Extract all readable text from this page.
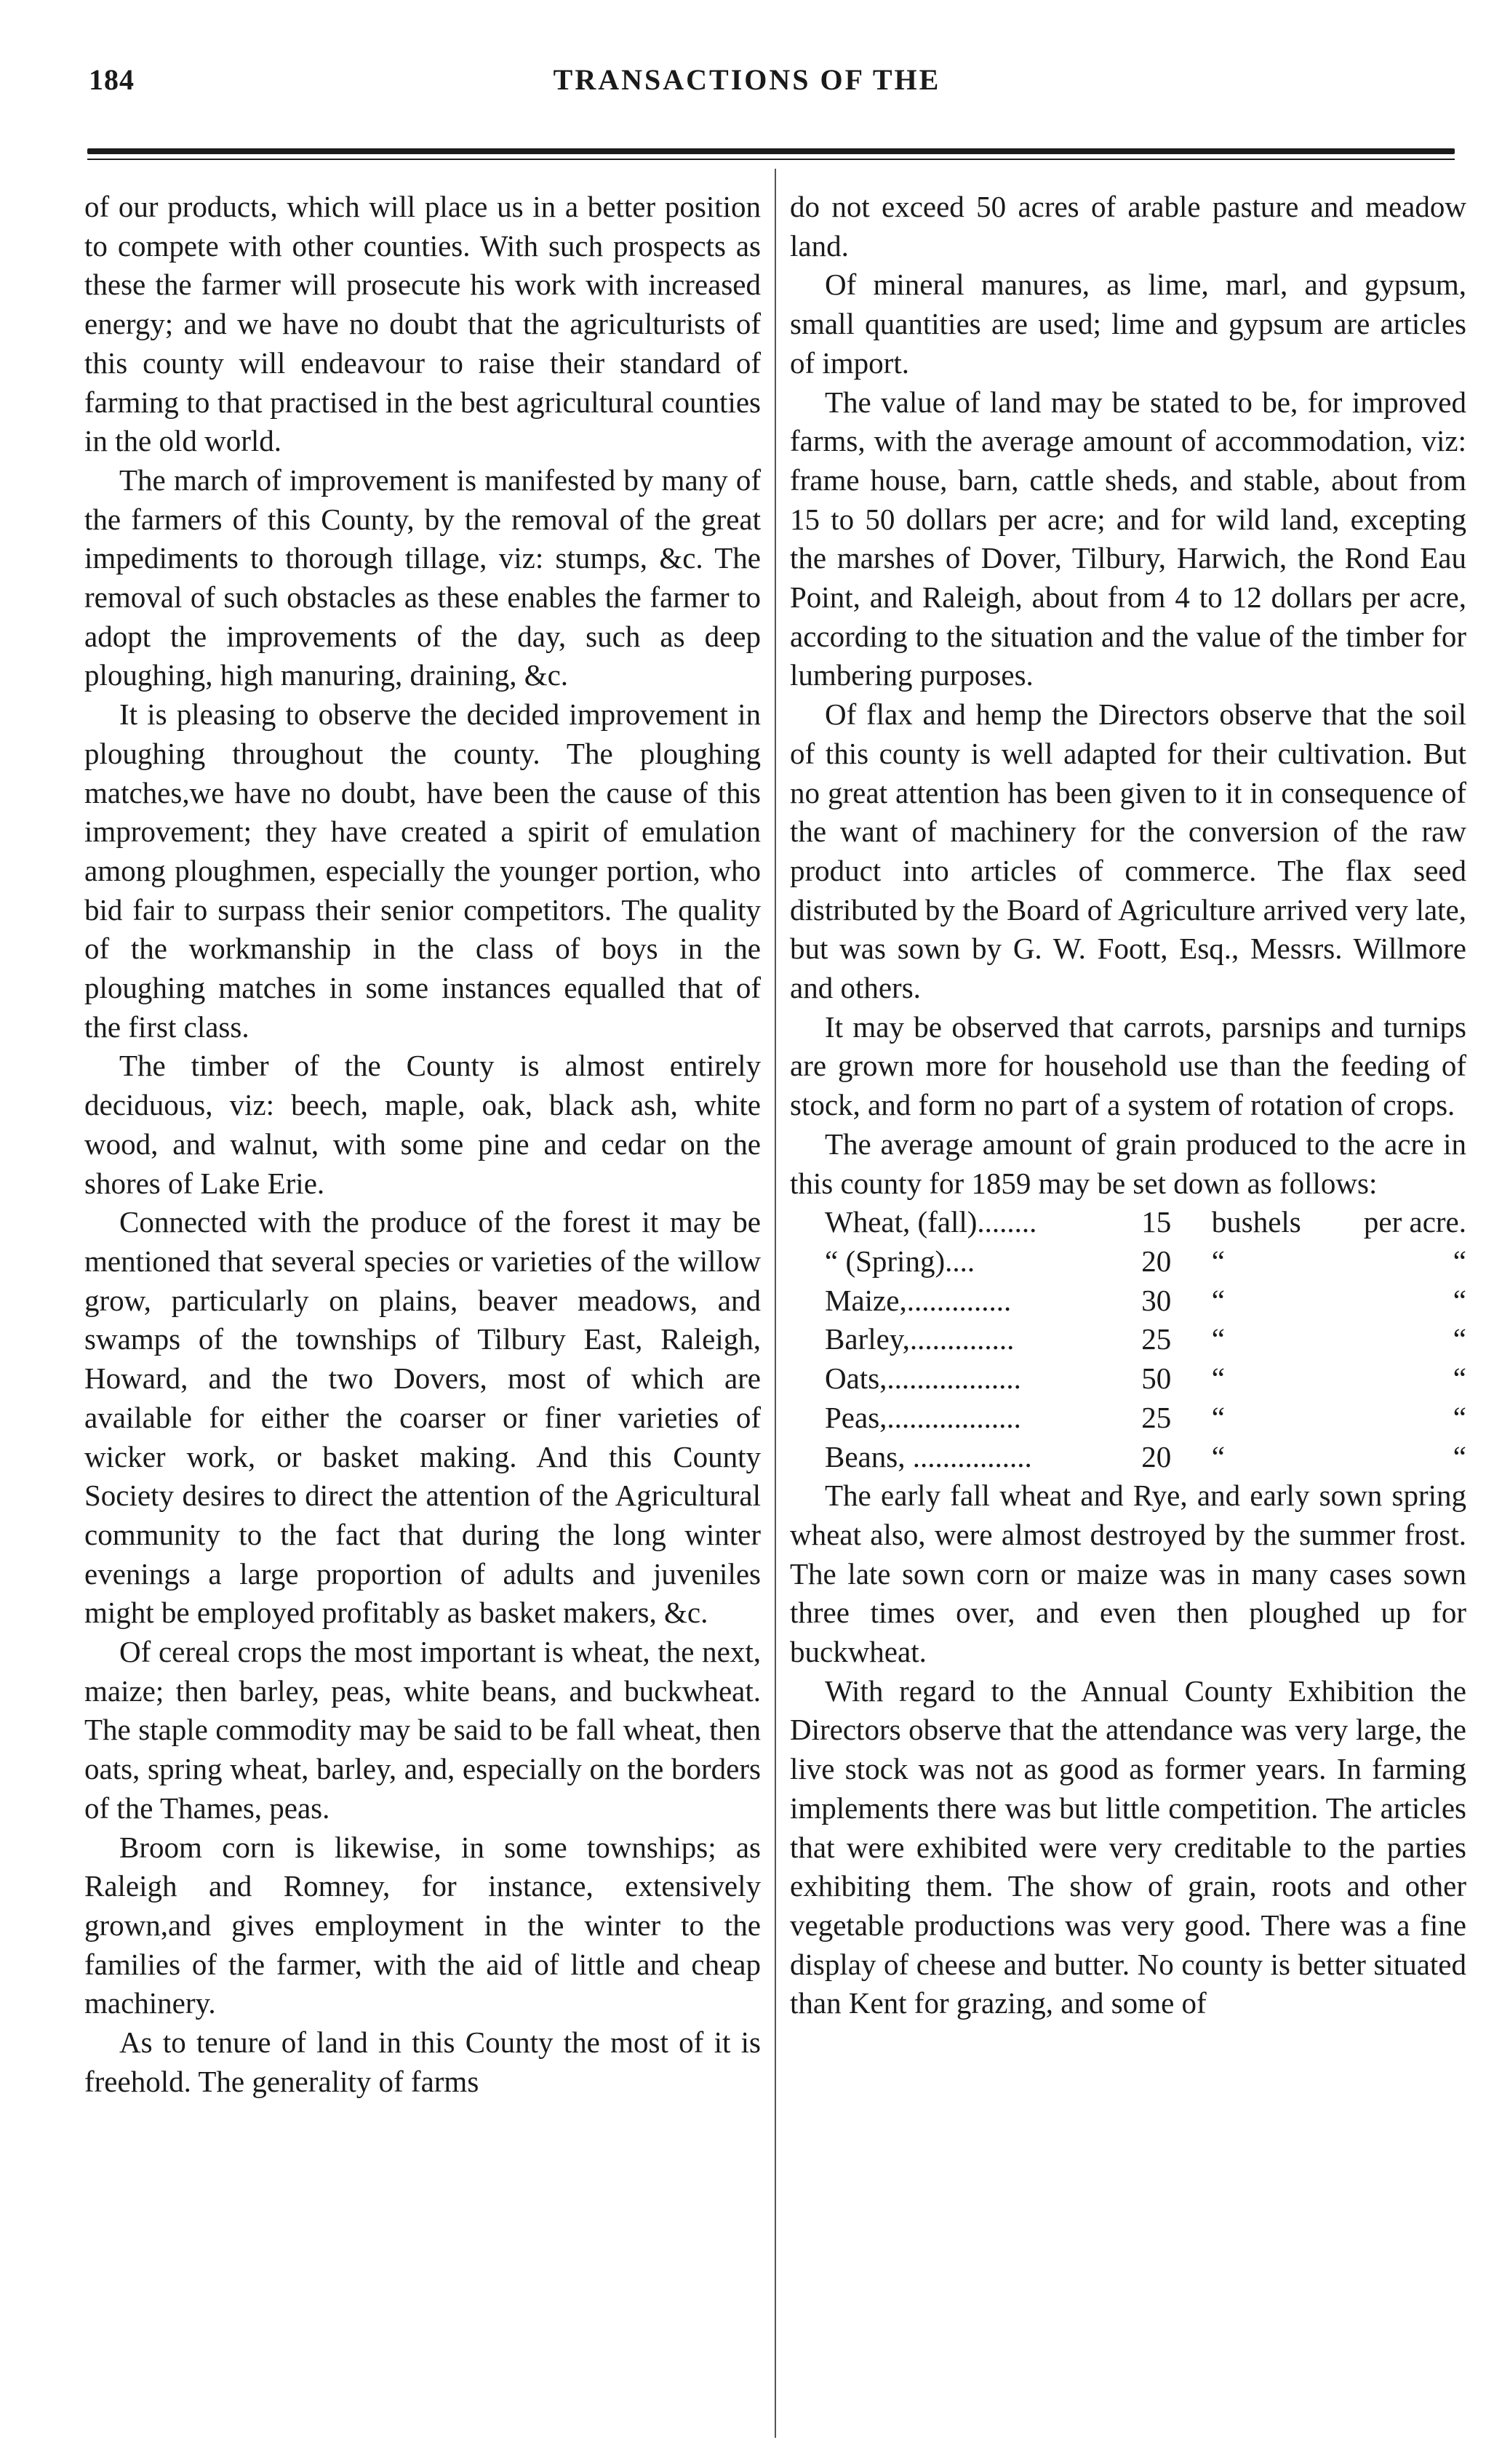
184	TRANSACTIONS OF THE

of our products, which will place us in a better position to compete with other counties. With such prospects as these the farmer will prosecute his work with increased energy; and we have no doubt that the agriculturists of this county will endeavour to raise their standard of farming to that practised in the best agricultural counties in the old world.

The march of improvement is manifested by many of the farmers of this County, by the removal of the great impediments to thorough tillage, viz: stumps, &c. The removal of such obstacles as these enables the farmer to adopt the improvements of the day, such as deep ploughing, high manuring, draining, &c.

It is pleasing to observe the decided improvement in ploughing throughout the county. The ploughing matches,we have no doubt, have been the cause of this improvement; they have created a spirit of emulation among ploughmen, especially the younger portion, who bid fair to surpass their senior competitors. The quality of the workmanship in the class of boys in the ploughing matches in some instances equalled that of the first class.

The timber of the County is almost entirely deciduous, viz: beech, maple, oak, black ash, white wood, and walnut, with some pine and cedar on the shores of Lake Erie.

Connected with the produce of the forest it may be mentioned that several species or varieties of the willow grow, particularly on plains, beaver meadows, and swamps of the townships of Tilbury East, Raleigh, Howard, and the two Dovers, most of which are available for either the coarser or finer varieties of wicker work, or basket making. And this County Society desires to direct the attention of the Agricultural community to the fact that during the long winter evenings a large proportion of adults and juveniles might be employed profitably as basket makers, &c.

Of cereal crops the most important is wheat, the next, maize; then barley, peas, white beans, and buckwheat. The staple commodity may be said to be fall wheat, then oats, spring wheat, barley, and, especially on the borders of the Thames, peas.

Broom corn is likewise, in some townships; as Raleigh and Romney, for instance, extensively grown,and gives employment in the winter to the families of the farmer, with the aid of little and cheap machinery.

As to tenure of land in this County the most of it is freehold. The generality of farms

do not exceed 50 acres of arable pasture and meadow land.

Of mineral manures, as lime, marl, and gypsum, small quantities are used; lime and gypsum are articles of import.

The value of land may be stated to be, for improved farms, with the average amount of accommodation, viz: frame house, barn, cattle sheds, and stable, about from 15 to 50 dollars per acre; and for wild land, excepting the marshes of Dover, Tilbury, Harwich, the Rond Eau Point, and Raleigh, about from 4 to 12 dollars per acre, according to the situation and the value of the timber for lumbering purposes.

Of flax and hemp the Directors observe that the soil of this county is well adapted for their cultivation. But no great attention has been given to it in consequence of the want of machinery for the conversion of the raw product into articles of commerce. The flax seed distributed by the Board of Agriculture arrived very late, but was sown by G. W. Foott, Esq., Messrs. Willmore and others.

It may be observed that carrots, parsnips and turnips are grown more for household use than the feeding of stock, and form no part of a system of rotation of crops.

The average amount of grain produced to the acre in this county for 1859 may be set down as follows:

Wheat, (fall)........	15	bushels	per acre.
“ (Spring)....	20	“	“
Maize,..............	30	“	“
Barley,..............	25	“	“
Oats,..................	50	“	“
Peas,..................	25	“	“
Beans, ................	20	“	“

The early fall wheat and Rye, and early sown spring wheat also, were almost destroyed by the summer frost. The late sown corn or maize was in many cases sown three times over, and even then ploughed up for buckwheat.

With regard to the Annual County Exhibition the Directors observe that the attendance was very large, the live stock was not as good as former years. In farming implements there was but little competition. The articles that were exhibited were very creditable to the parties exhibiting them. The show of grain, roots and other vegetable productions was very good. There was a fine display of cheese and butter. No county is better situated than Kent for grazing, and some of
